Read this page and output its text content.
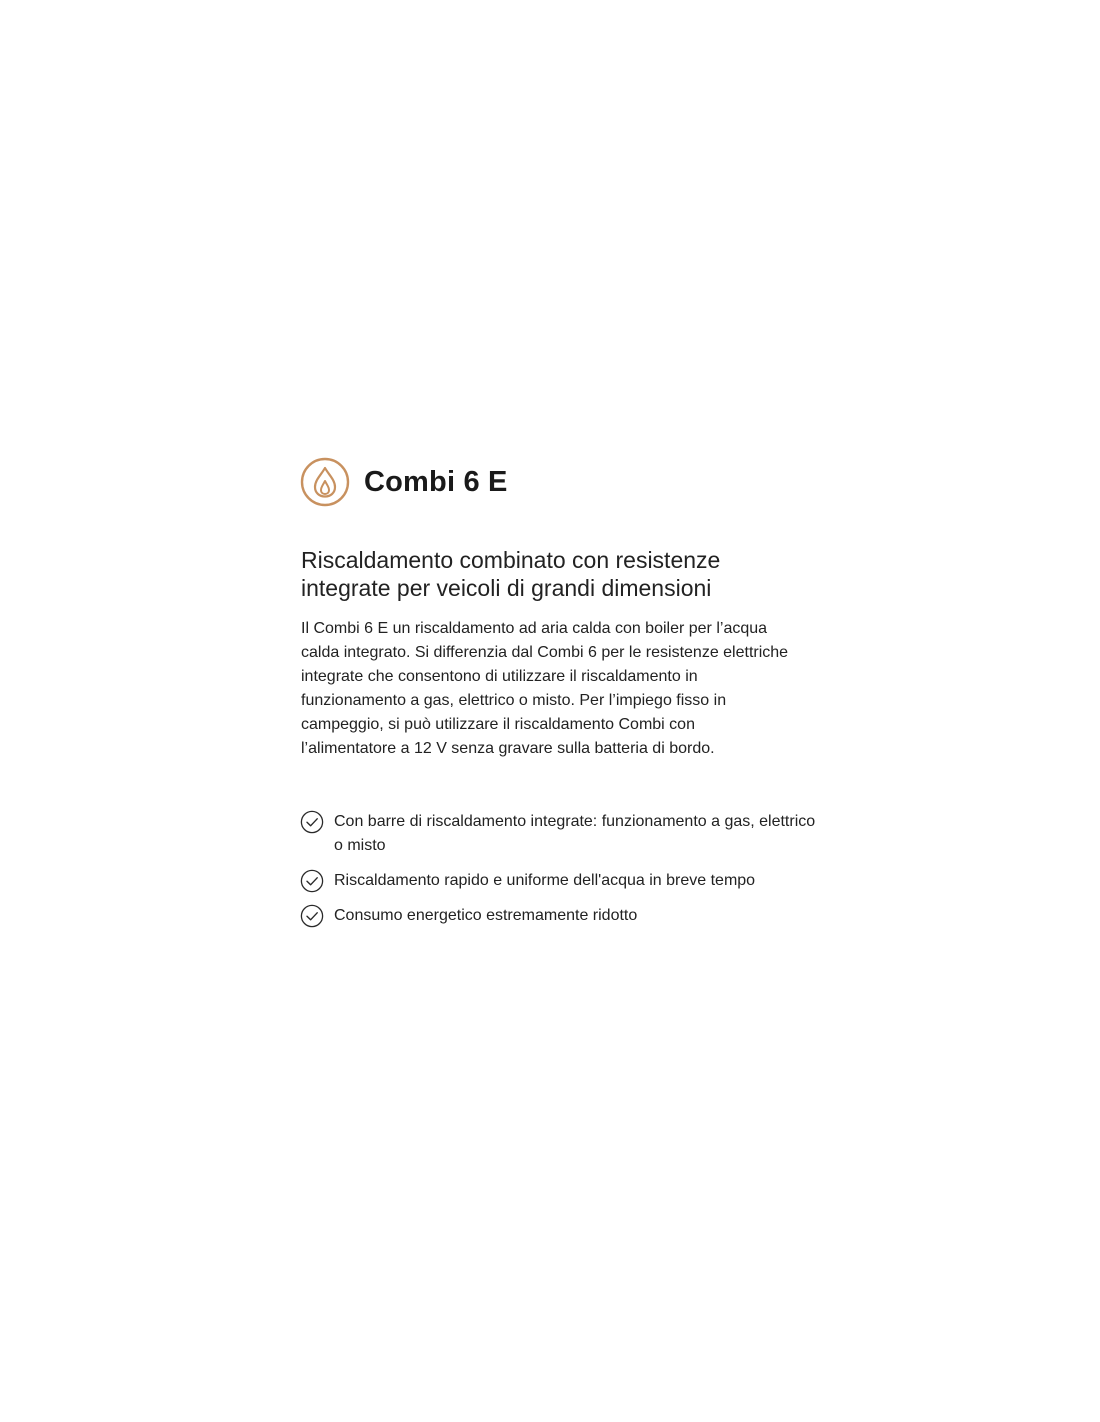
Combi 6 E
Riscaldamento combinato con resistenze integrate per veicoli di grandi dimensioni

Il Combi 6 E un riscaldamento ad aria calda con boiler per l’acqua calda integrato. Si differenzia dal Combi 6 per le resistenze elettriche integrate che consentono di utilizzare il riscaldamento in funzionamento a gas, elettrico o misto. Per l’impiego fisso in campeggio, si può utilizzare il riscaldamento Combi con l’alimentatore a 12 V senza gravare sulla batteria di bordo.

Con barre di riscaldamento integrate: funzionamento a gas, elettrico o misto
Riscaldamento rapido e uniforme dell'acqua in breve tempo
Consumo energetico estremamente ridotto
